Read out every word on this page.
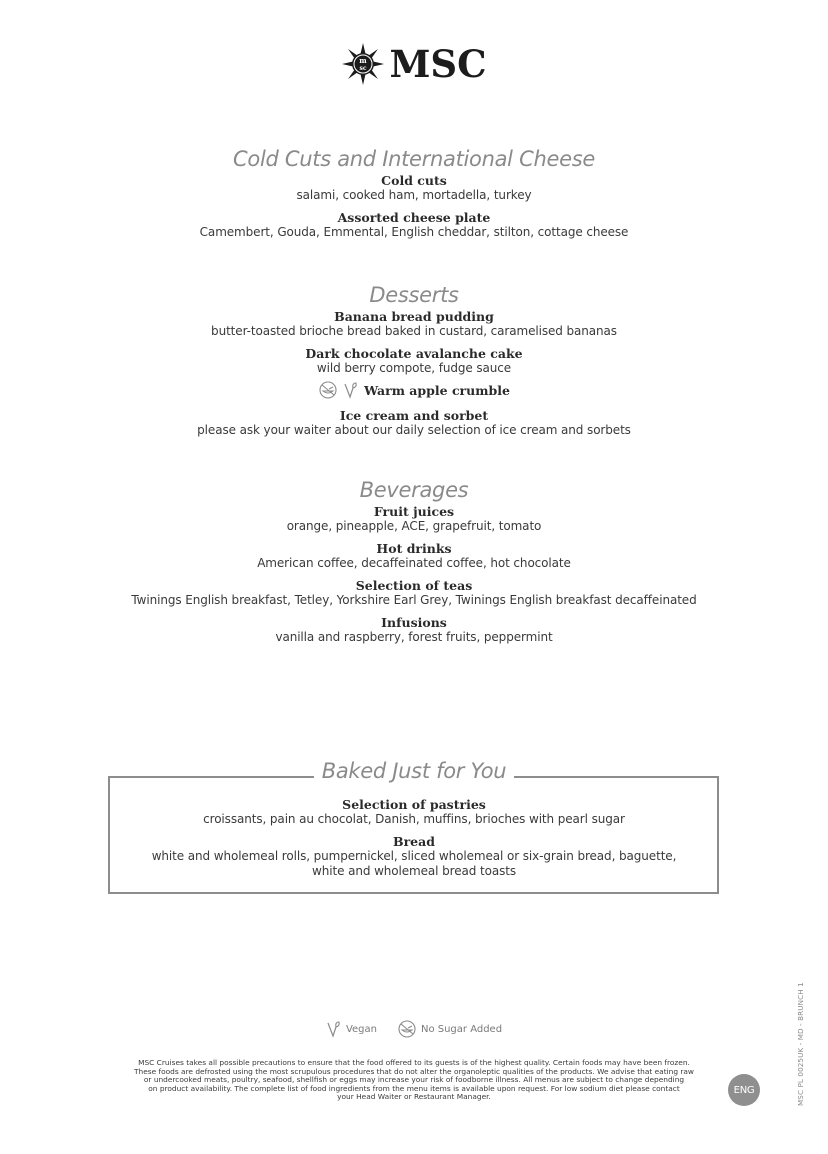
m
sc MSC
Cold Cuts and International Cheese
Cold cuts
salami, cooked ham, mortadella, turkey
Assorted cheese plate
Camembert, Gouda, Emmental, English cheddar, stilton, cottage cheese
Desserts
Banana bread pudding
butter-toasted brioche bread baked in custard, caramelised bananas
Dark chocolate avalanche cake
wild berry compote, fudge sauce
Warm apple crumble
Ice cream and sorbet
please ask your waiter about our daily selection of ice cream and sorbets
Beverages
Fruit juices
orange, pineapple, ACE, grapefruit, tomato
Hot drinks
American coffee, decaffeinated coffee, hot chocolate
Selection of teas
Twinings English breakfast, Tetley, Yorkshire Earl Grey, Twinings English breakfast decaffeinated
Infusions
vanilla and raspberry, forest fruits, peppermint
Baked Just for You
Selection of pastries
croissants, pain au chocolat, Danish, muffins, brioches with pearl sugar
Bread
white and wholemeal rolls, pumpernickel, sliced wholemeal or six-grain bread, baguette,
white and wholemeal bread toasts
Vegan	No Sugar Added
MSC Cruises takes all possible precautions to ensure that the food offered to its guests is of the highest quality. Certain foods may have been frozen.
These foods are defrosted using the most scrupulous procedures that do not alter the organoleptic qualities of the products. We advise that eating raw
or undercooked meats, poultry, seafood, shellfish or eggs may increase your risk of foodborne illness. All menus are subject to change depending
on product availability. The complete list of food ingredients from the menu items is available upon request. For low sodium diet please contact
your Head Waiter or Restaurant Manager.
ENG	MSC PL 0025UK - MD - BRUNCH 1
